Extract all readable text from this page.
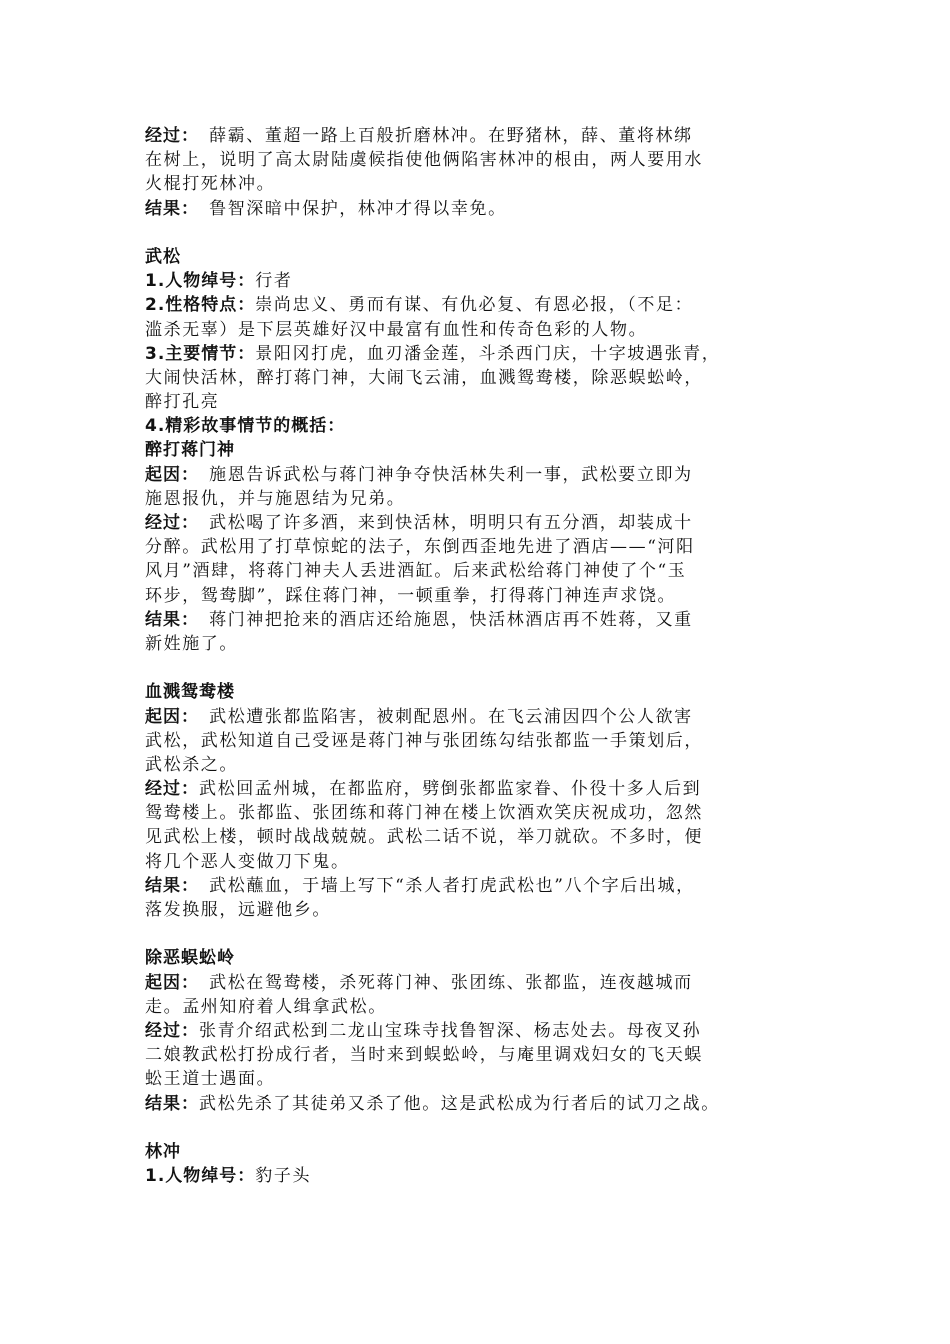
经过：　薛霸、董超一路上百般折磨林冲。在野猪林，薛、董将林绑
在树上，说明了高太尉陆虞候指使他俩陷害林冲的根由，两人要用水
火棍打死林冲。
结果：　鲁智深暗中保护，林冲才得以幸免。
武松
1.人物绰号：行者
2.性格特点：崇尚忠义、勇而有谋、有仇必复、有恩必报，（不足：
滥杀无辜）是下层英雄好汉中最富有血性和传奇色彩的人物。
3.主要情节：景阳冈打虎，血刃潘金莲，斗杀西门庆，十字坡遇张青，
大闹快活林，醉打蒋门神，大闹飞云浦，血溅鸳鸯楼，除恶蜈蚣岭，
醉打孔亮
4.精彩故事情节的概括：
醉打蒋门神
起因：　施恩告诉武松与蒋门神争夺快活林失利一事，武松要立即为
施恩报仇，并与施恩结为兄弟。
经过：　武松喝了许多酒，来到快活林，明明只有五分酒，却装成十
分醉。武松用了打草惊蛇的法子，东倒西歪地先进了酒店——“河阳
风月”酒肆，将蒋门神夫人丢进酒缸。后来武松给蒋门神使了个“玉
环步，鸳鸯脚”，踩住蒋门神，一顿重拳，打得蒋门神连声求饶。
结果：　蒋门神把抢来的酒店还给施恩，快活林酒店再不姓蒋，又重
新姓施了。
血溅鸳鸯楼
起因：　武松遭张都监陷害，被刺配恩州。在飞云浦因四个公人欲害
武松，武松知道自己受诬是蒋门神与张团练勾结张都监一手策划后，
武松杀之。
经过：武松回孟州城，在都监府，劈倒张都监家眷、仆役十多人后到
鸳鸯楼上。张都监、张团练和蒋门神在楼上饮酒欢笑庆祝成功，忽然
见武松上楼，顿时战战兢兢。武松二话不说，举刀就砍。不多时，便
将几个恶人变做刀下鬼。
结果：　武松蘸血，于墙上写下“杀人者打虎武松也”八个字后出城，
落发换服，远避他乡。
除恶蜈蚣岭
起因：　武松在鸳鸯楼，杀死蒋门神、张团练、张都监，连夜越城而
走。孟州知府着人缉拿武松。
经过：张青介绍武松到二龙山宝珠寺找鲁智深、杨志处去。母夜叉孙
二娘教武松打扮成行者，当时来到蜈蚣岭，与庵里调戏妇女的飞天蜈
蚣王道士遇面。
结果：武松先杀了其徒弟又杀了他。这是武松成为行者后的试刀之战。
林冲
1.人物绰号：豹子头
